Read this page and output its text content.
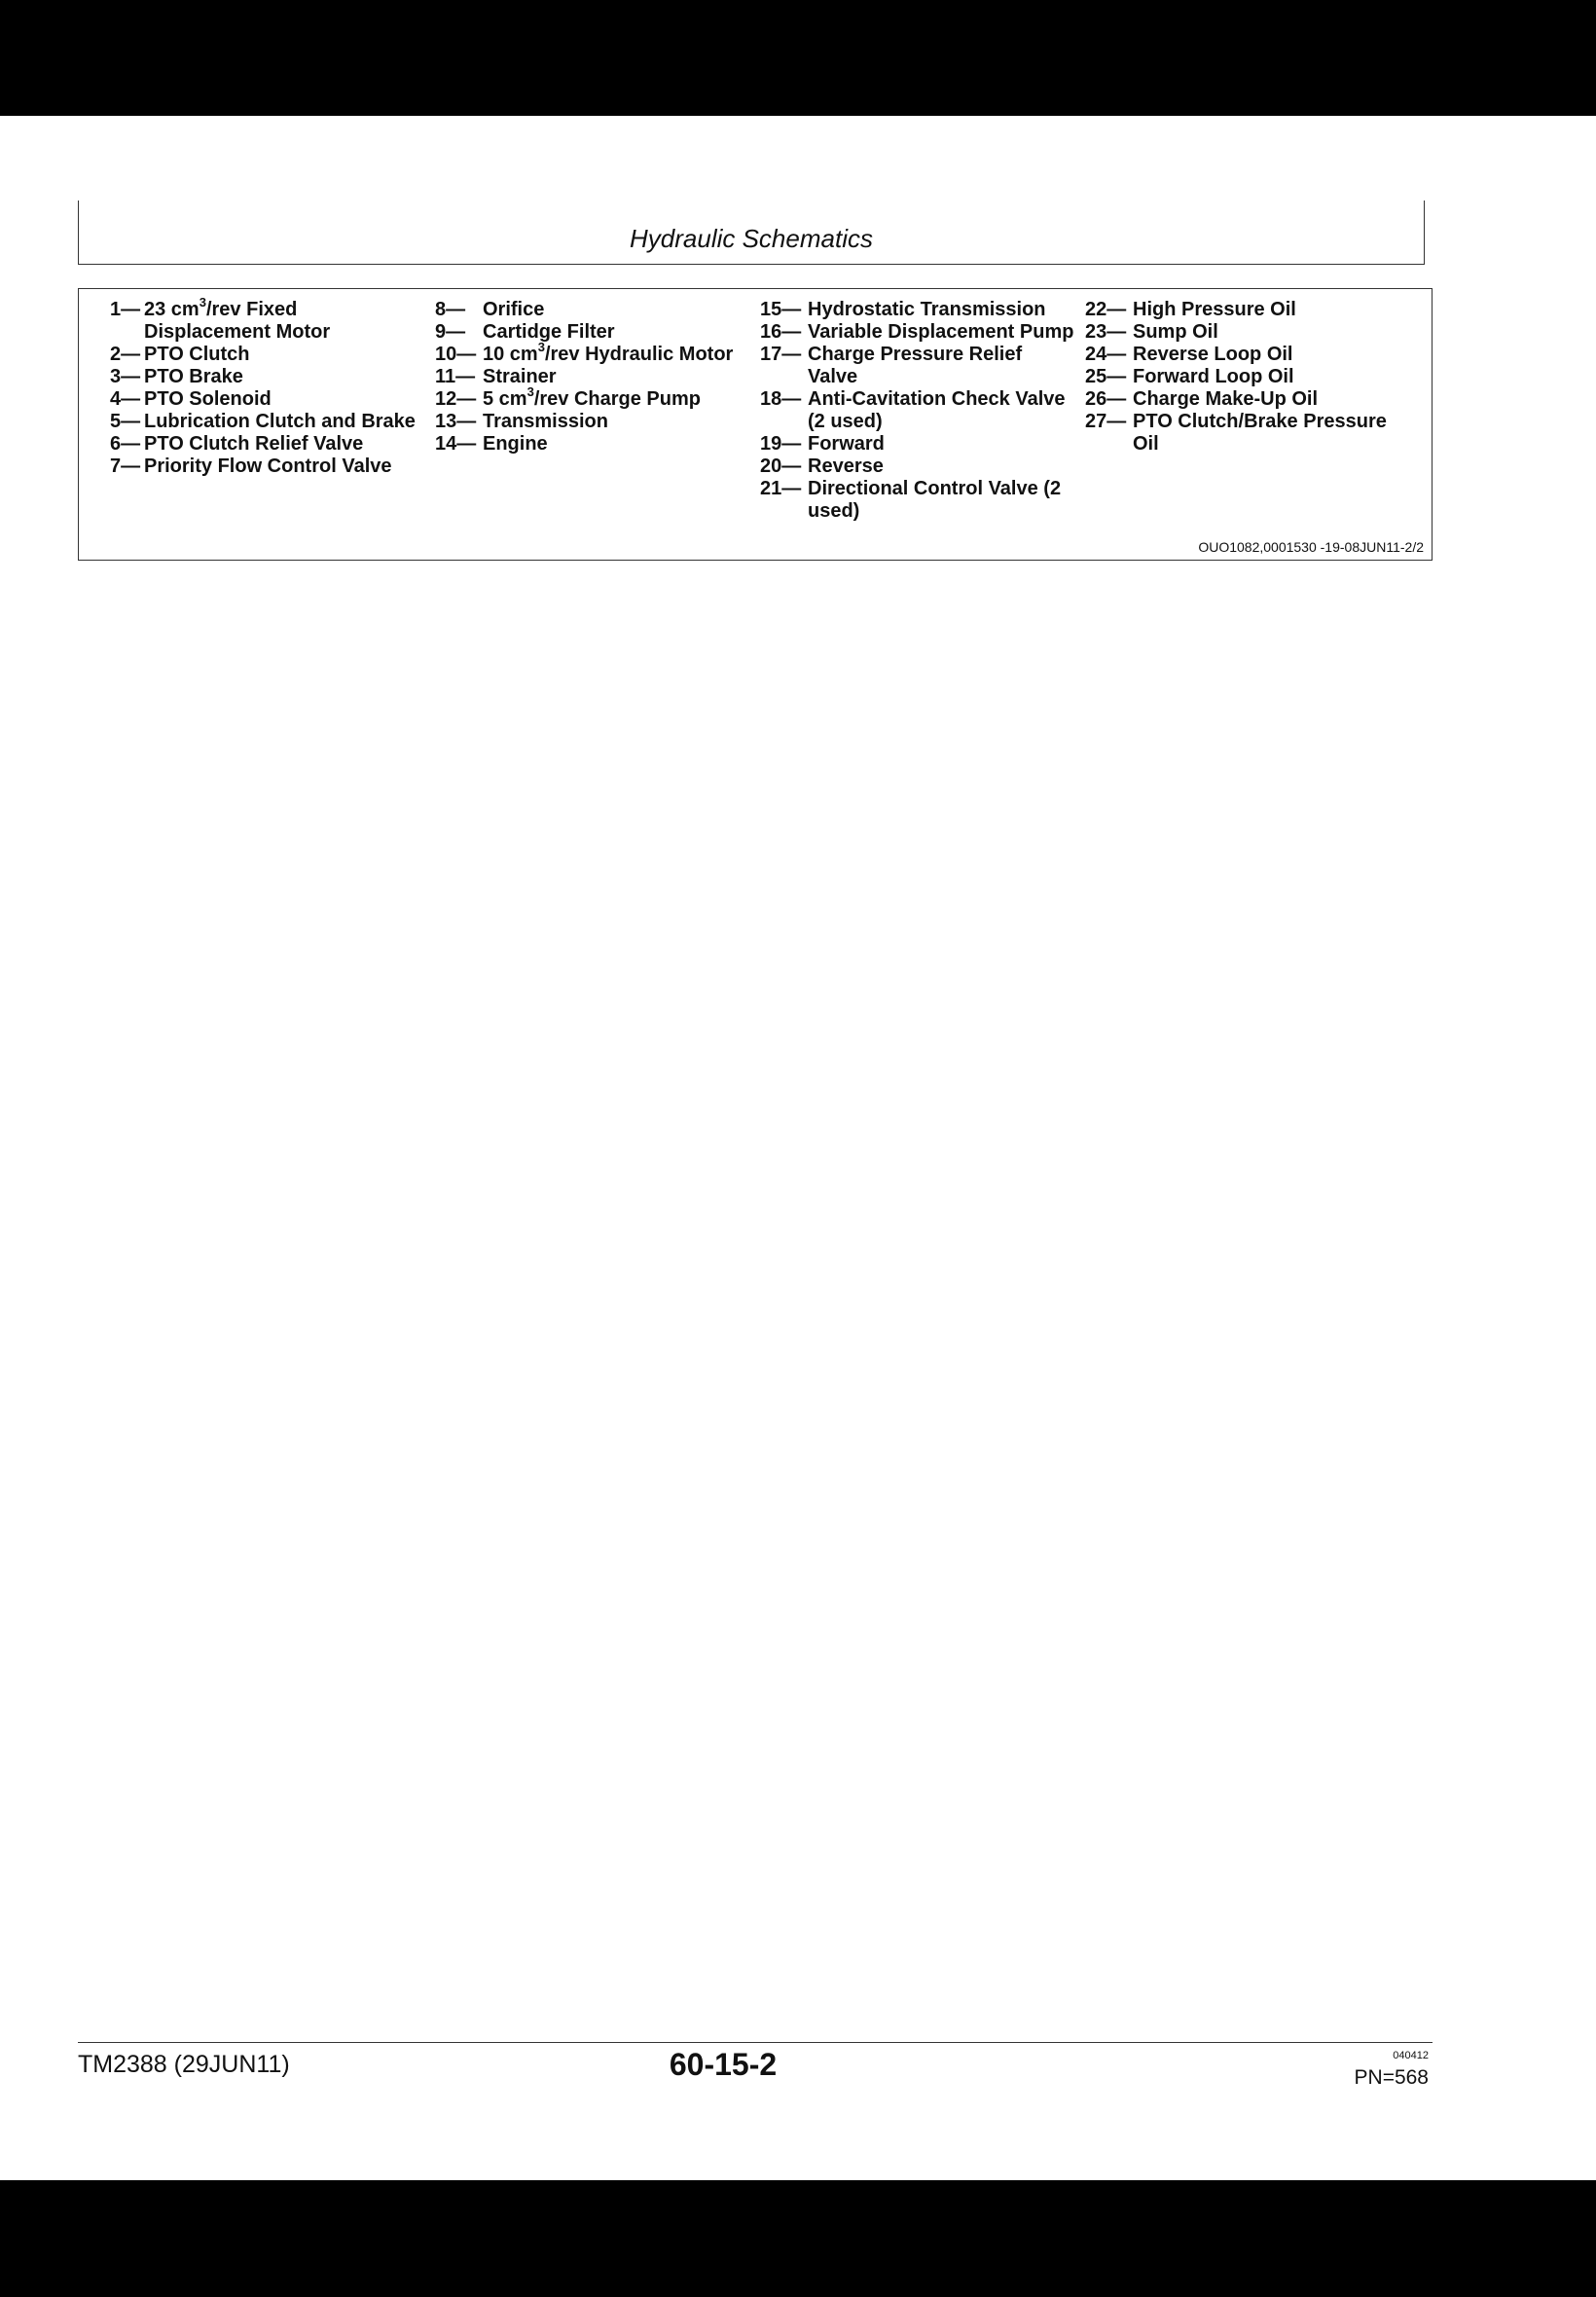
Hydraulic Schematics
1— 23 $cm^3$/rev Fixed
Displacement Motor
2— PTO Clutch
3— PTO Brake
4— PTO Solenoid
5— Lubrication Clutch and Brake
6— PTO Clutch Relief Valve
7— Priority Flow Control Valve
8— Orifice
9— Cartidge Filter
10— 10 $cm^3$/rev Hydraulic Motor
11— Strainer
12— 5 $cm^3$/rev Charge Pump
13— Transmission
14— Engine
15— Hydrostatic Transmission
16— Variable Displacement Pump
17— Charge Pressure Relief
Valve
18— Anti-Cavitation Check Valve
(2 used)
19— Forward
20— Reverse
21— Directional Control Valve (2
used)
22— High Pressure Oil
23— Sump Oil
24— Reverse Loop Oil
25— Forward Loop Oil
26— Charge Make-Up Oil
27— PTO Clutch/Brake Pressure
Oil
OUO1082,0001530 -19-08JUN11-2/2
TM2388 (29JUN11)	60-15-2	040412
PN=568
